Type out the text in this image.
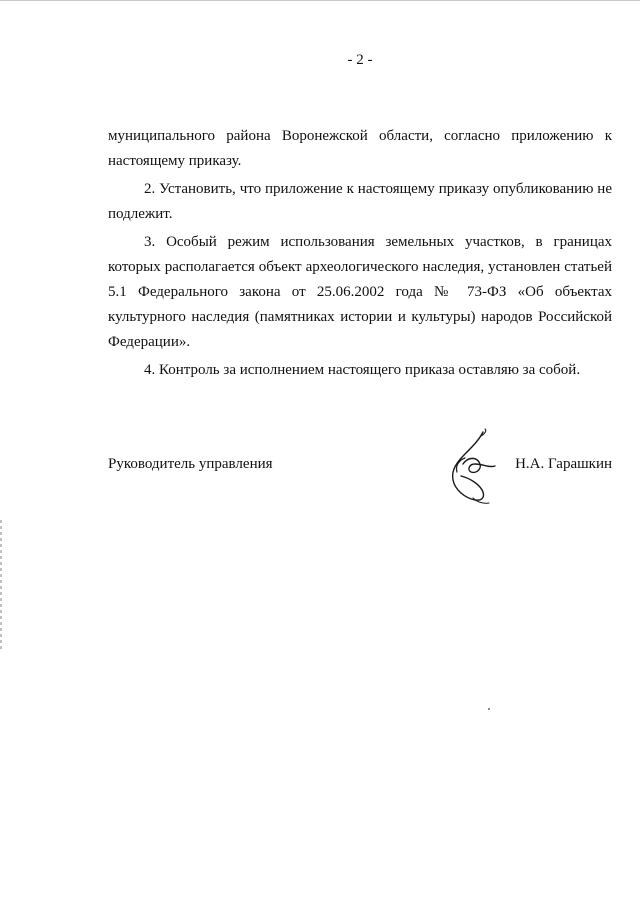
- 2 -

муниципального района Воронежской области, согласно приложению к настоящему приказу.

2. Установить, что приложение к настоящему приказу опубликованию не подлежит.

3. Особый режим использования земельных участков, в границах которых располагается объект археологического наследия, установлен статьей 5.1 Федерального закона от 25.06.2002 года № 73-ФЗ «Об объектах культурного наследия (памятниках истории и культуры) народов Российской Федерации».

4. Контроль за исполнением настоящего приказа оставляю за собой.

Руководитель управления	Н.А. Гарашкин
